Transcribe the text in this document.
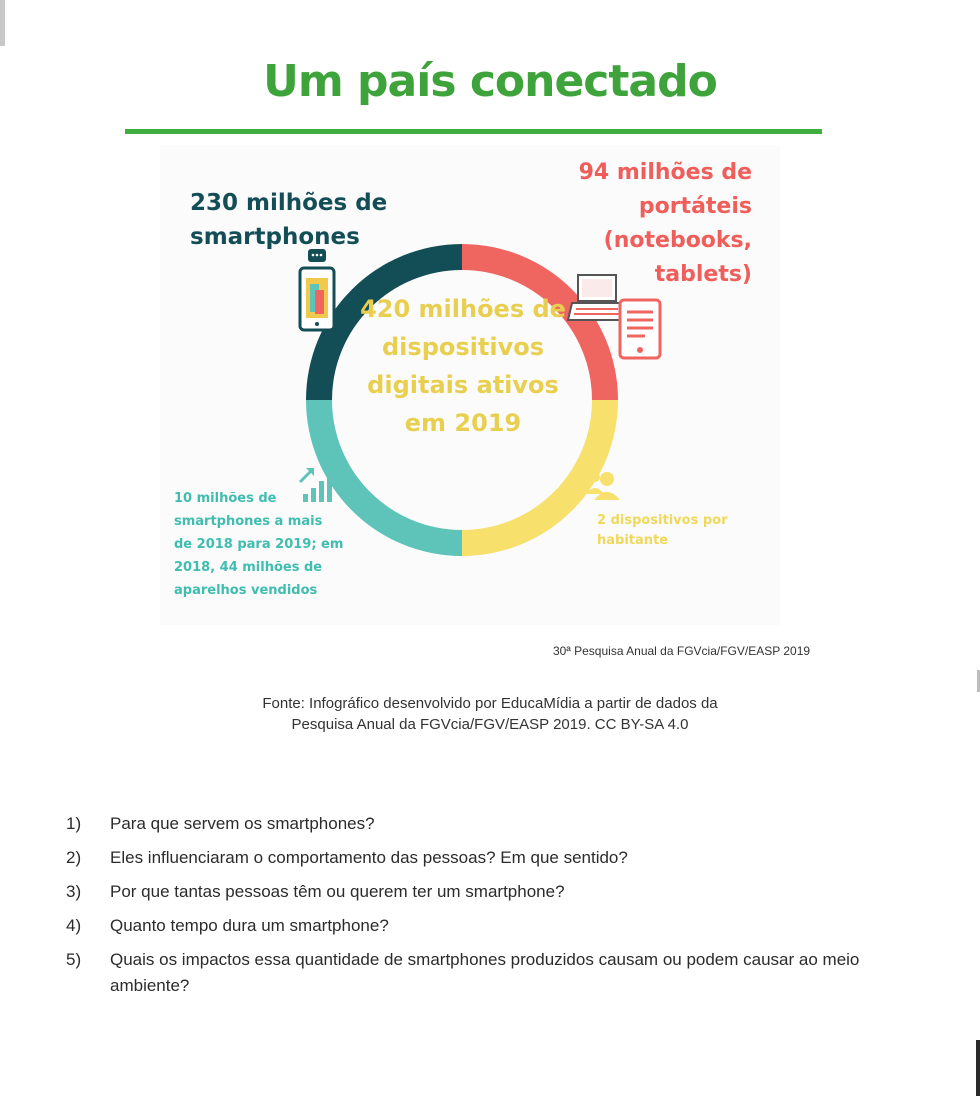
Um país conectado
230 milhões de smartphones
94 milhões de portáteis (notebooks, tablets)
420 milhões de dispositivos digitais ativos em 2019
10 milhões de smartphones a mais de 2018 para 2019; em 2018, 44 milhões de aparelhos vendidos
2 dispositivos por habitante
30ª Pesquisa Anual da FGVcia/FGV/EASP 2019
Fonte: Infográfico desenvolvido por EducaMídia a partir de dados da
Pesquisa Anual da FGVcia/FGV/EASP 2019. CC BY-SA 4.0
1) Para que servem os smartphones?
2) Eles influenciaram o comportamento das pessoas? Em que sentido?
3) Por que tantas pessoas têm ou querem ter um smartphone?
4) Quanto tempo dura um smartphone?
5) Quais os impactos essa quantidade de smartphones produzidos causam ou podem causar ao meio ambiente?
